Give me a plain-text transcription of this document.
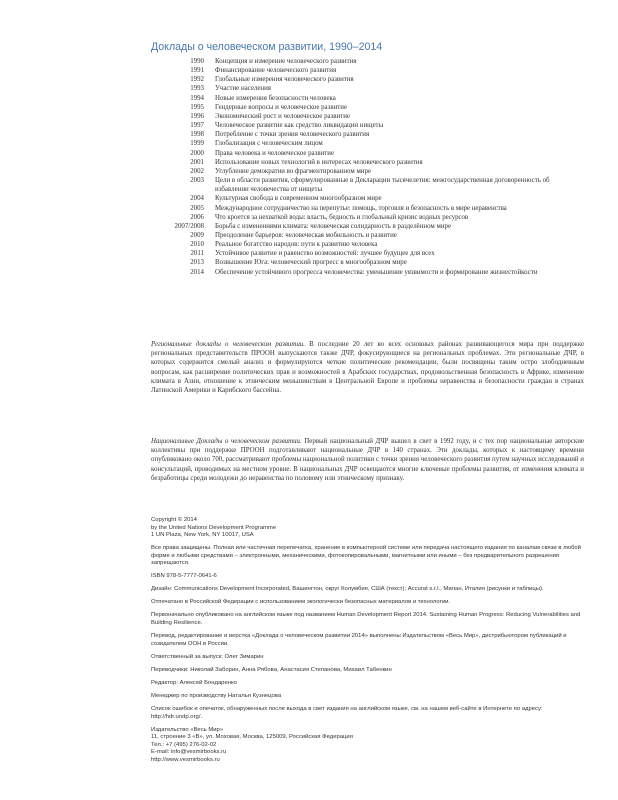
Доклады о человеческом развитии, 1990–2014
1990 Концепция и измерение человеческого развития
1991 Финансирование человеческого развития
1992 Глобальные измерения человеческого развития
1993 Участие населения
1994 Новые измерения безопасности человека
1995 Гендерные вопросы и человеческое развитие
1996 Экономический рост и человеческое развитие
1997 Человеческое развитие как средство ликвидации нищеты
1998 Потребление с точки зрения человеческого развития
1999 Глобализация с человеческим лицом
2000 Права человека и человеческое развитие
2001 Использование новых технологий в интересах человеческого развития
2002 Углубление демократии во фрагментированном мире
2003 Цели в области развития, сформулированные в Декларации тысячелетия: межгосударственная договоренность об избавлении человечества от нищеты
2004 Культурная свобода в современном многообразном мире
2005 Международное сотрудничество на перепутье: помощь, торговля и безопасность в мире неравенства
2006 Что кроется за нехваткой воды: власть, бедность и глобальный кризис водных ресурсов
2007/2008 Борьба с изменениями климата: человеческая солидарность в разделённом мире
2009 Преодоление барьеров: человеческая мобильность и развитие
2010 Реальное богатство народов: пути к развитию человека
2011 Устойчивое развитие и равенство возможностей: лучшее будущее для всех
2013 Возвышение Юга: человеческий прогресс в многообразном мире
2014 Обеспечение устойчивого прогресса человечества: уменьшение уязвимости и формирование жизнестойкости
Региональные доклады о человеческом развитии. В последние 20 лет во всех основных районах развивающегося мира при поддержке региональных представительств ПРООН выпускаются также ДЧР, фокусирующиеся на региональных проблемах. Эти региональные ДЧР, в которых содержится смелый анализ и формулируются четкие политические рекомендации, были посвящены таким остро злободневным вопросам, как расширение политических прав и возможностей в Арабских государствах, продовольственная безопасность в Африке, изменение климата в Азии, отношение к этническим меньшинствам в Центральной Европе и проблемы неравенства и безопасности граждан в странах Латинской Америки и Карибского бассейна.
Национальные Доклады о человеческом развитии. Первый национальный ДЧР вышел в свет в 1992 году, и с тех пор национальные авторские коллективы при поддержке ПРООН подготавливают национальные ДЧР в 140 странах. Эти доклады, которых к настоящему времени опубликовано около 700, рассматривают проблемы национальной политики с точки зрения человеческого развития путем научных исследований и консультаций, проводимых на местном уровне. В национальных ДЧР освещаются многие ключевые проблемы развития, от изменения климата и безработицы среди молодежи до неравенства по половому или этническому признаку.
Copyright © 2014
by the United Nations Development Programme
1 UN Plaza, New York, NY 10017, USA
Все права защищены. Полная или частичная перепечатка, хранение в компьютерной системе или передача настоящего издания по каналам связи в любой форме и любыми средствами – электронными, механическими, фотокопировальными, магнитными или иными – без предварительного разрешения запрещаются.
ISBN 978-5-7777-0641-6
Дизайн: Communications Development Incorporated, Вашингтон, округ Колумбия, США (текст); Accurat s.r.l., Милан, Италия (рисунки и таблицы).
Отпечатано в Российской Федерации с использованием экологически безопасных материалов и технологии.
Первоначально опубликовано на английском языке под названием Human Development Report 2014. Sustaining Human Progress: Reducing Vulnerabilities and Building Resilience.
Перевод, редактирование и верстка «Доклада о человеческом развитии 2014» выполнены Издательством «Весь Мир», дистрибьютором публикаций и созидателем ООН в России.
Ответственный за выпуск: Олег Зимарин
Переводчики: Николай Заборин, Анна Рябова, Анастасия Степанова, Михаил Табенкин
Редактор: Алексей Бондаренко
Менеджер по производству Наталья Кузнецова
Список ошибок и опечаток, обнаруженных после выхода в свет издания на английском языке, см. на нашем веб-сайте в Интернете по адресу: http://hdr.undp.org/.
Издательство «Весь Мир»
11, строение 3 «В», ул. Моховая, Москва, 125009, Российская Федерация
Тел.: +7 (495) 276-02-02
E-mail: info@vesmirbooks.ru
http://www.vesmirbooks.ru
